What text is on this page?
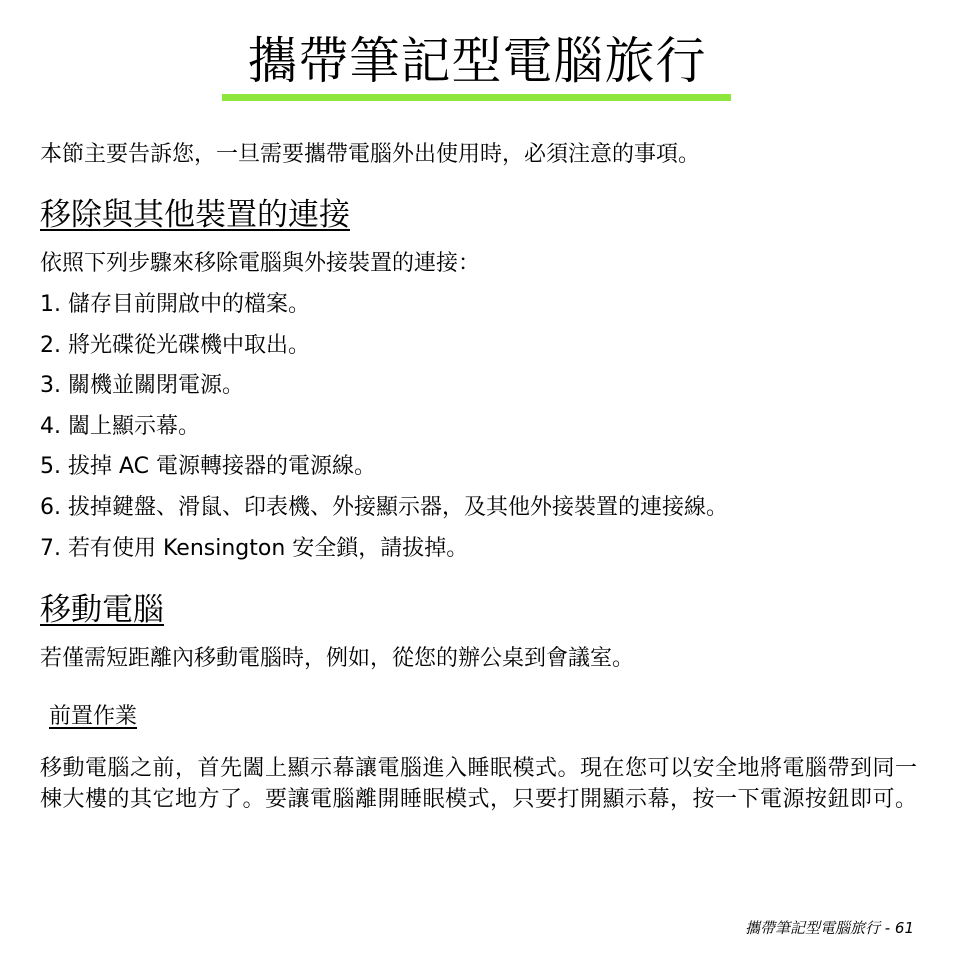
攜帶筆記型電腦旅行

本節主要告訴您，一旦需要攜帶電腦外出使用時，必須注意的事項。

移除與其他裝置的連接

依照下列步驟來移除電腦與外接裝置的連接：

1. 儲存目前開啟中的檔案。
2. 將光碟從光碟機中取出。
3. 關機並關閉電源。
4. 闔上顯示幕。
5. 拔掉 AC 電源轉接器的電源線。
6. 拔掉鍵盤、滑鼠、印表機、外接顯示器，及其他外接裝置的連接線。
7. 若有使用 Kensington 安全鎖，請拔掉。
移動電腦

若僅需短距離內移動電腦時，例如，從您的辦公桌到會議室。

前置作業

移動電腦之前，首先闔上顯示幕讓電腦進入睡眠模式。現在您可以安全地將電腦帶到同一棟大樓的其它地方了。要讓電腦離開睡眠模式，只要打開顯示幕，按一下電源按鈕即可。

攜帶筆記型電腦旅行 - 61
